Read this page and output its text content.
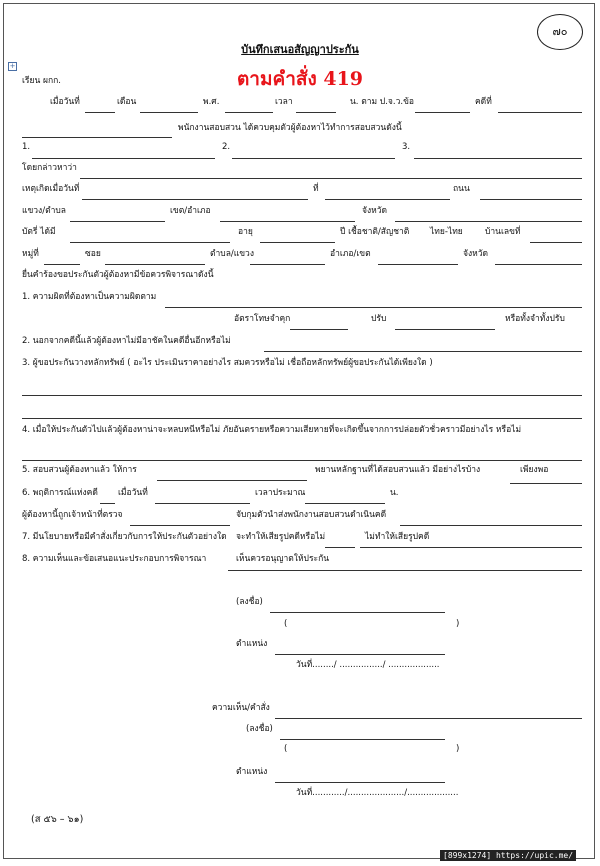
๗๐
บันทึกเสนอสัญญาประกัน
+
ตามคำสั่ง 419
เรียน ผกก.
เมื่อวันที่	เดือน	พ.ศ.	เวลา	น. ตาม ป.จ.ว.ข้อ	คดีที่
พนักงานสอบสวน ได้ควบคุมตัวผู้ต้องหาไว้ทำการสอบสวนดังนี้
1.	2.	3.
โดยกล่าวหาว่า
เหตุเกิดเมื่อวันที่	ที่	ถนน
แขวง/ตำบล	เขต/อำเภอ	จังหวัด
บัตรี่ ได้มี	อายุ	ปี เชื้อชาติ/สัญชาติ ไทย-ไทย	บ้านเลขที่
หมู่ที่	ซอย	ตำบล/แขวง	อำเภอ/เขต	จังหวัด
ยื่นคำร้องขอประกันตัวผู้ต้องหามีข้อควรพิจารณาดังนี้
1. ความผิดที่ต้องหาเป็นความผิดตาม
อัตราโทษจำคุก	ปรับ	หรือทั้งจำทั้งปรับ
2. นอกจากคดีนี้แล้วผู้ต้องหาไม่มีอาชัคในคดีอื่นอีกหรือไม่
3. ผู้ขอประกันวางหลักทรัพย์ ( อะไร ประเมินราคาอย่างไร สมควรหรือไม่ เชื่อถือหลักทรัพย์ผู้ขอประกันได้เพียงใด )
4. เมื่อให้ประกันตัวไปแล้วผู้ต้องหาน่าจะหลบหนีหรือไม่ ภัยอันตรายหรือความเสียหายที่จะเกิดขึ้นจากการปล่อยตัวชั่วคราวมีอย่างไร หรือไม่
5. สอบสวนผู้ต้องหาแล้ว ให้การ	พยานหลักฐานที่ได้สอบสวนแล้ว มีอย่างไรบ้าง	เพียงพอ
6. พฤติการณ์แห่งคดี เมื่อวันที่	เวลาประมาณ	น.
ผู้ต้องหานี้ถูกเจ้าหน้าที่ตรวจ	จับกุมตัวนำส่งพนักงานสอบสวนดำเนินคดี
7. มีนโยบายหรือมีคำสั่งเกี่ยวกับการให้ประกันตัวอย่างใด จะทำให้เสียรูปคดีหรือไม่	ไม่ทำให้เสียรูปคดี
8. ความเห็นและข้อเสนอแนะประกอบการพิจารณา	เห็นควรอนุญาตให้ประกัน
(ลงชื่อ)
(	)
ตำแหน่ง
วันที่......../ ................/ ...................
ความเห็น/คำสั่ง
(ลงชื่อ)
(	)
ตำแหน่ง
วันที่............/...................../...................
(ส ๕๖ – ๖๑)
[899x1274] https://upic.me/
